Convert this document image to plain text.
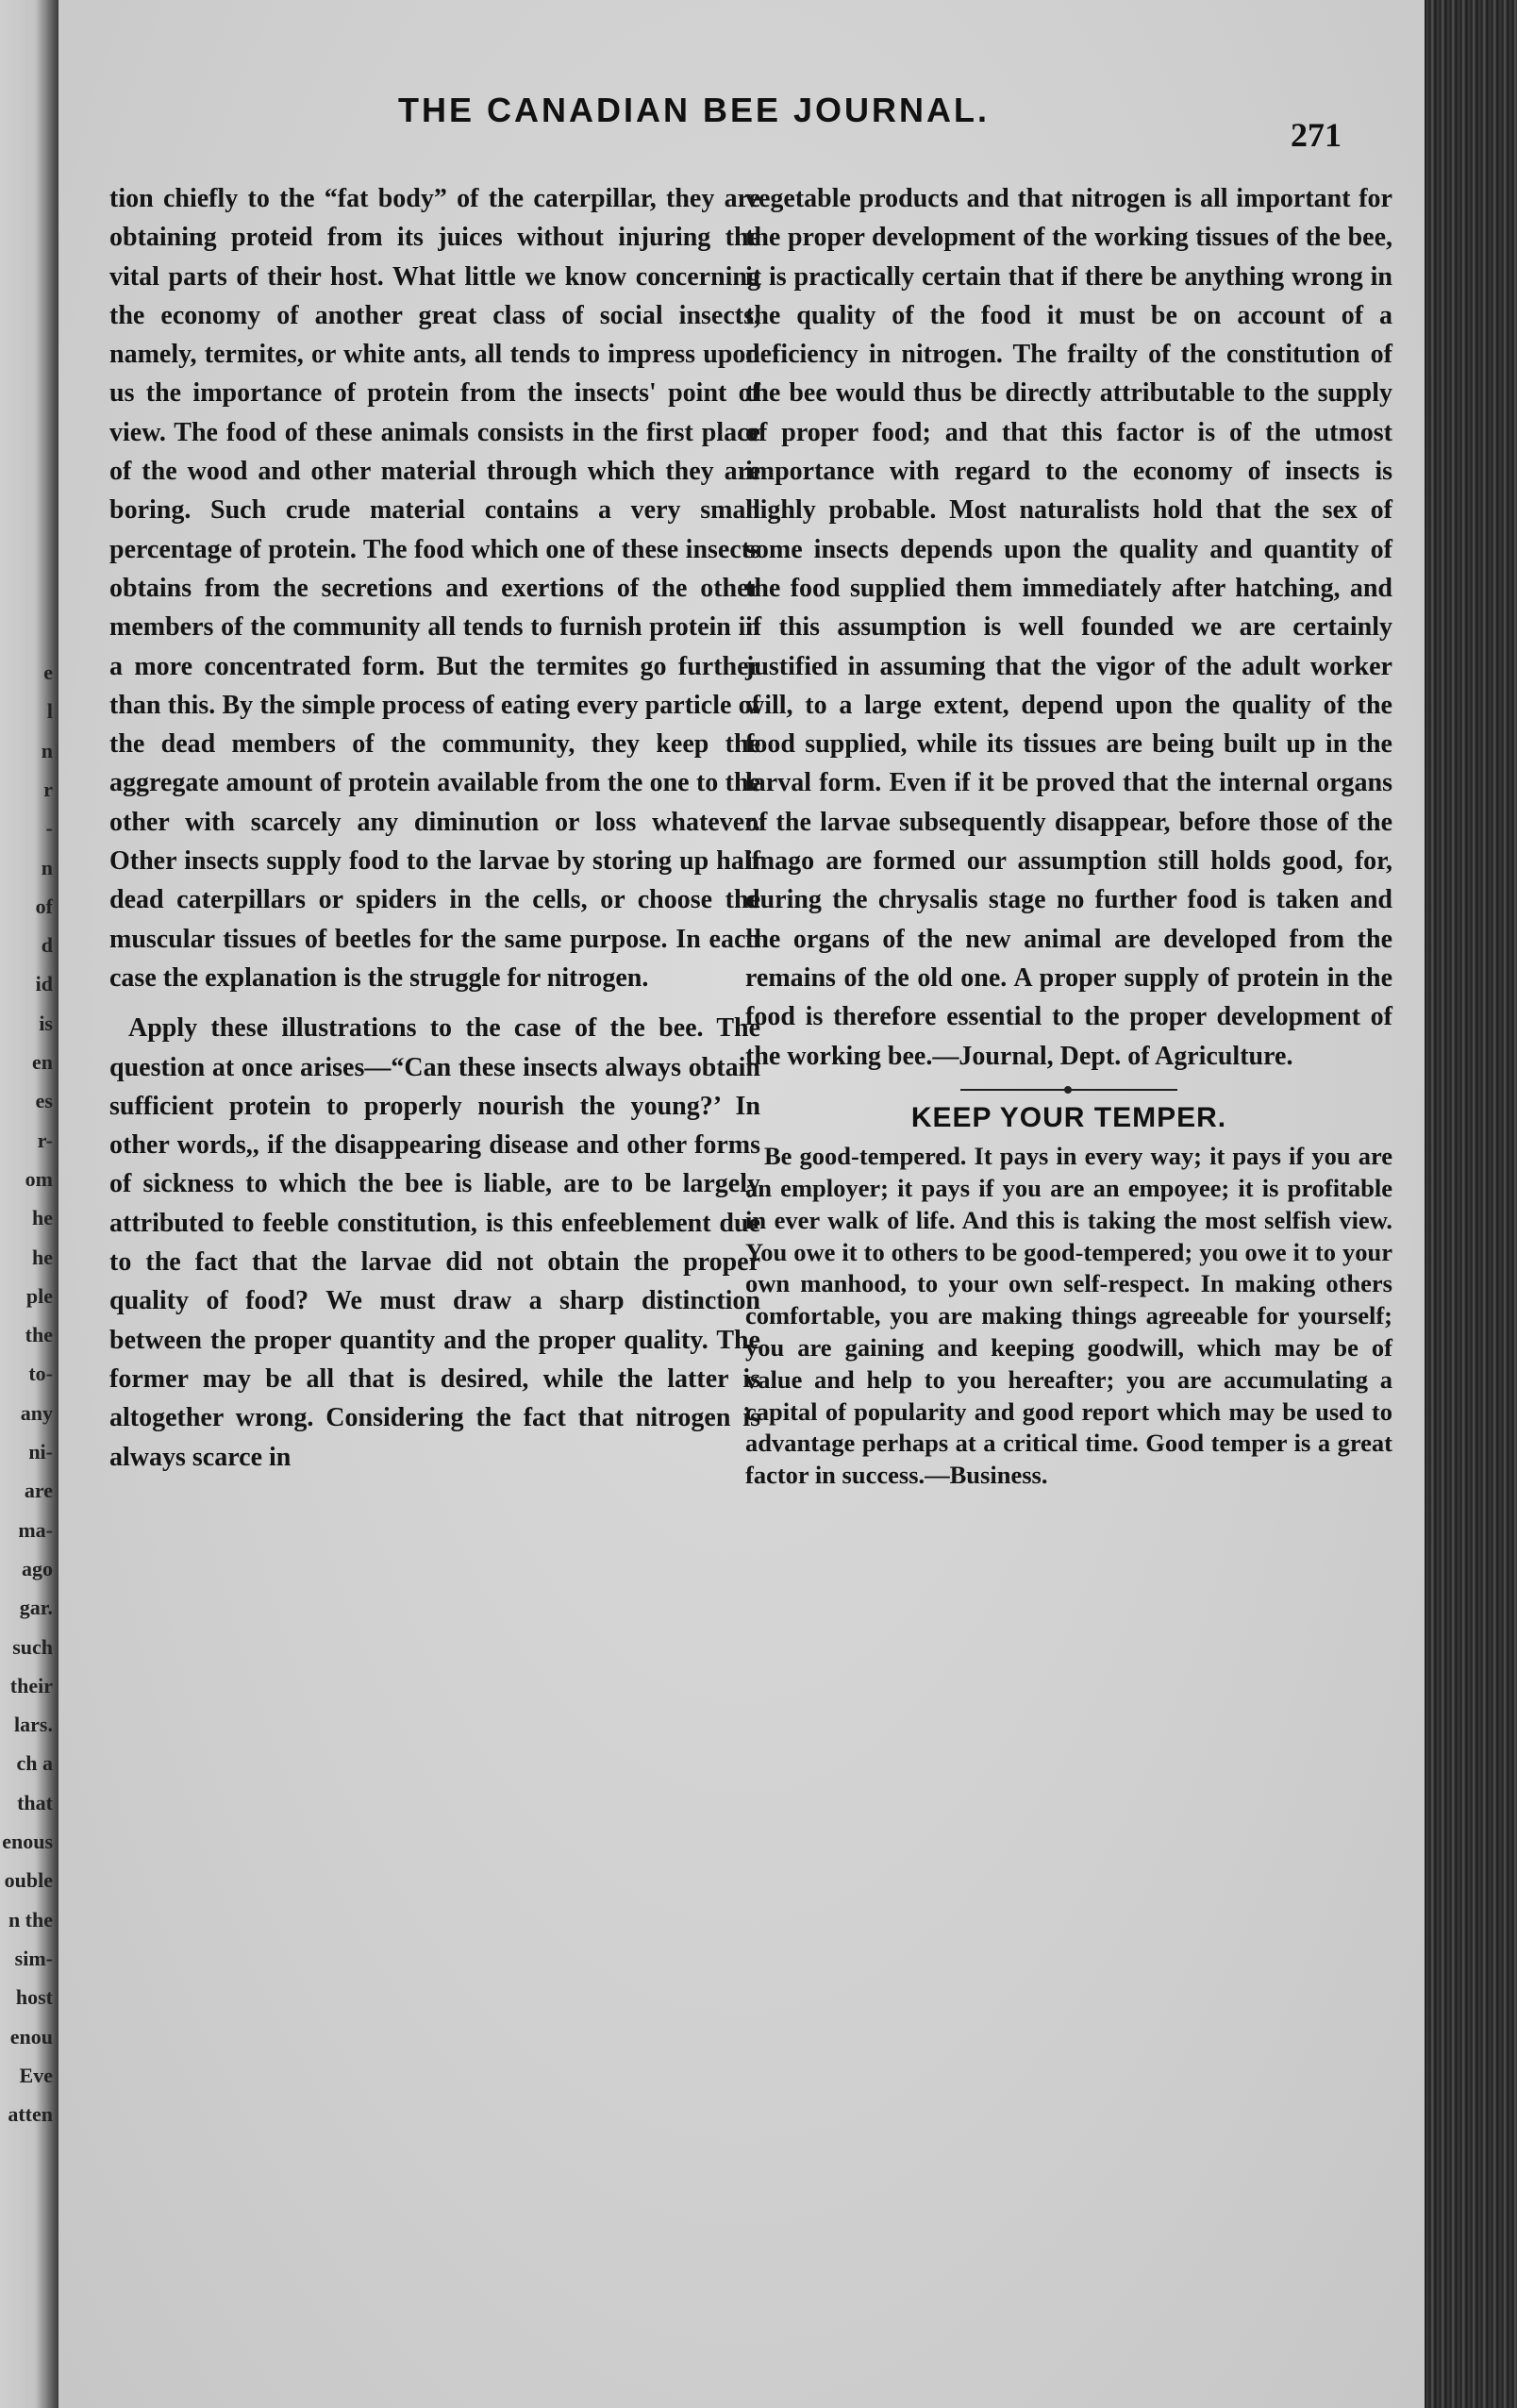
e
l
n
r
-
n
of
d
id
is
en
es
r-
om
he
he
ple
the
to-
any
ni-
are
ma-
ago
gar.
such
their
lars.
ch a
that
enous
ouble
n the
sim-
host
enou
Eve
atten
THE CANADIAN BEE JOURNAL.
271

tion chiefly to the “fat body” of the caterpillar, they are obtaining proteid from its juices without injuring the vital parts of their host. What little we know concerning the economy of another great class of social insects, namely, termites, or white ants, all tends to impress upon us the importance of protein from the insects' point of view. The food of these animals consists in the first place of the wood and other material through which they are boring. Such crude material contains a very small percentage of protein. The food which one of these insects obtains from the secretions and exertions of the other members of the community all tends to furnish protein in a more concentrated form. But the termites go further than this. By the simple process of eating every particle of the dead members of the community, they keep the aggregate amount of protein available from the one to the other with scarcely any diminution or loss whatever. Other insects supply food to the larvae by storing up half dead caterpillars or spiders in the cells, or choose the muscular tissues of beetles for the same purpose. In each case the explanation is the struggle for nitrogen.

Apply these illustrations to the case of the bee. The question at once arises—“Can these insects always obtain sufficient protein to properly nourish the young?’ In other words,, if the disappearing disease and other forms of sickness to which the bee is liable, are to be largely attributed to feeble constitution, is this enfeeblement due to the fact that the larvae did not obtain the proper quality of food? We must draw a sharp distinction between the proper quantity and the proper quality. The former may be all that is desired, while the latter is altogether wrong. Considering the fact that nitrogen is always scarce in

vegetable products and that nitrogen is all important for the proper development of the working tissues of the bee, it is practically certain that if there be anything wrong in the quality of the food it must be on account of a deficiency in nitrogen. The frailty of the constitution of the bee would thus be directly attributable to the supply of proper food; and that this factor is of the utmost importance with regard to the economy of insects is highly probable. Most naturalists hold that the sex of some insects depends upon the quality and quantity of the food supplied them immediately after hatching, and if this assumption is well founded we are certainly justified in assuming that the vigor of the adult worker will, to a large extent, depend upon the quality of the food supplied, while its tissues are being built up in the larval form. Even if it be proved that the internal organs of the larvae subsequently disappear, before those of the imago are formed our assumption still holds good, for, during the chrysalis stage no further food is taken and the organs of the new animal are developed from the remains of the old one. A proper supply of protein in the food is therefore essential to the proper development of the working bee.—Journal, Dept. of Agriculture.

KEEP YOUR TEMPER.

Be good-tempered. It pays in every way; it pays if you are an employer; it pays if you are an empoyee; it is profitable in ever walk of life. And this is taking the most selfish view. You owe it to others to be good-tempered; you owe it to your own manhood, to your own self-respect. In making others comfortable, you are making things agreeable for yourself; you are gaining and keeping goodwill, which may be of value and help to you hereafter; you are accumulating a capital of popularity and good report which may be used to advantage perhaps at a critical time. Good temper is a great factor in success.—Business.
